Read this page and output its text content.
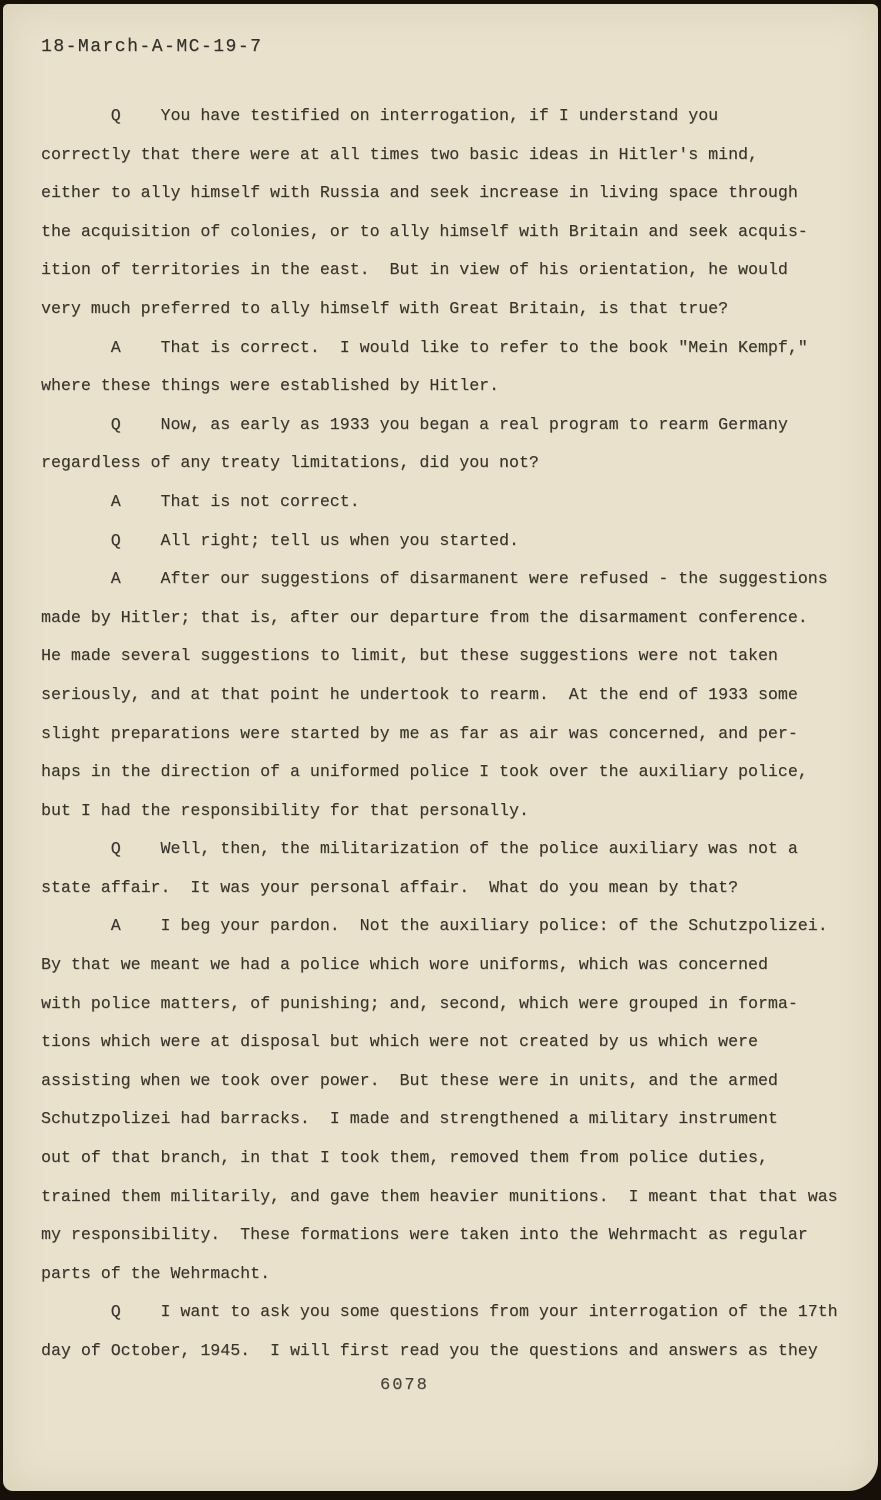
18-March-A-MC-19-7
Q    You have testified on interrogation, if I understand you
correctly that there were at all times two basic ideas in Hitler's mind,
either to ally himself with Russia and seek increase in living space through
the acquisition of colonies, or to ally himself with Britain and seek acquis-
ition of territories in the east.  But in view of his orientation, he would
very much preferred to ally himself with Great Britain, is that true?
A    That is correct.  I would like to refer to the book "Mein Kempf,"
where these things were established by Hitler.
Q    Now, as early as 1933 you began a real program to rearm Germany
regardless of any treaty limitations, did you not?
A    That is not correct.
Q    All right; tell us when you started.
A    After our suggestions of disarmanent were refused - the suggestions
made by Hitler; that is, after our departure from the disarmament conference.
He made several suggestions to limit, but these suggestions were not taken
seriously, and at that point he undertook to rearm.  At the end of 1933 some
slight preparations were started by me as far as air was concerned, and per-
haps in the direction of a uniformed police I took over the auxiliary police,
but I had the responsibility for that personally.
Q    Well, then, the militarization of the police auxiliary was not a
state affair.  It was your personal affair.  What do you mean by that?
A    I beg your pardon.  Not the auxiliary police: of the Schutzpolizei.
By that we meant we had a police which wore uniforms, which was concerned
with police matters, of punishing; and, second, which were grouped in forma-
tions which were at disposal but which were not created by us which were
assisting when we took over power.  But these were in units, and the armed
Schutzpolizei had barracks.  I made and strengthened a military instrument
out of that branch, in that I took them, removed them from police duties,
trained them militarily, and gave them heavier munitions.  I meant that that was
my responsibility.  These formations were taken into the Wehrmacht as regular
parts of the Wehrmacht.
Q    I want to ask you some questions from your interrogation of the 17th
day of October, 1945.  I will first read you the questions and answers as they
6078
